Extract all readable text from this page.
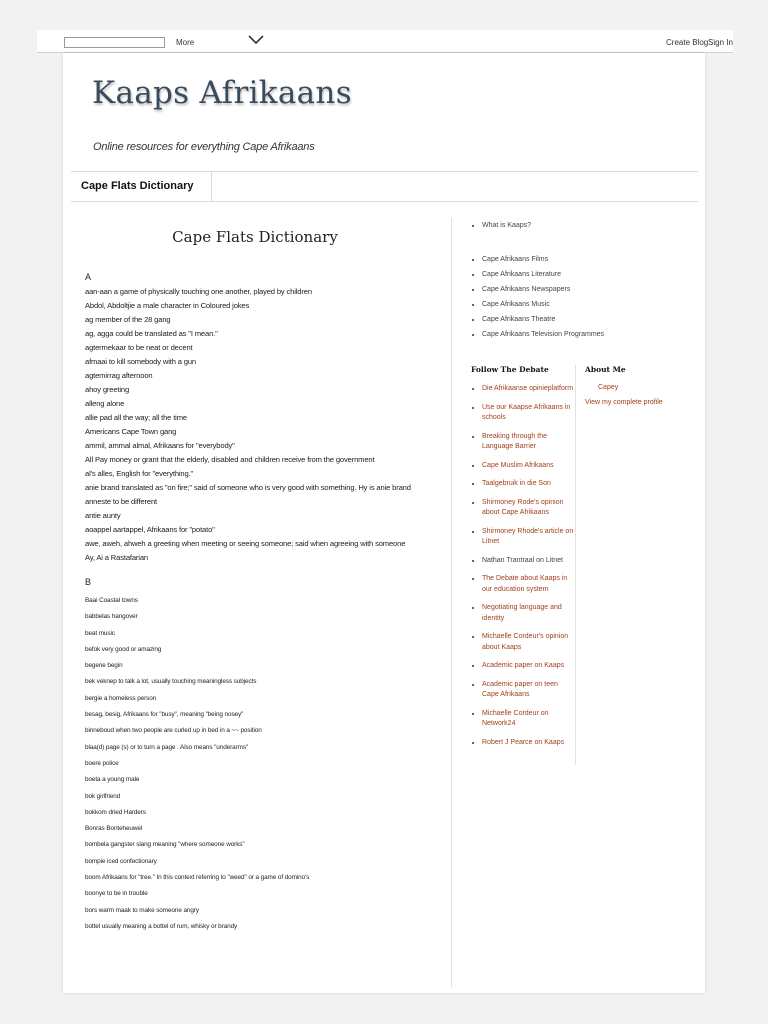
More	Create Blog Sign In
Kaaps Afrikaans
Online resources for everything Cape Afrikaans
Cape Flats Dictionary
Cape Flats Dictionary
A
aan-aan a game of physically touching one another, played by children
Abdol, Abdoltjie a male character in Coloured jokes
ag member of the 28 gang
ag, agga could be translated as "I mean."
agtermekaar to be neat or decent
afmaai to kill somebody with a gun
agtemirrag afternoon
ahoy greeting
alleng alone
allie pad all the way; all the time
Americans Cape Town gang
ammil, ammal almal, Afrikaans for "everybody"
All Pay money or grant that the elderly, disabled and children receive from the government
al's alles, English for "everything."
anie brand translated as "on fire;" said of someone who is very good with something. Hy is anie brand
anneste to be different
antie aunty
aoappel aartappel, Afrikaans for "potato"
awe, aweh, ahweh a greeting when meeting or seeing someone; said when agreeing with someone
Ay, Ai a Rastafarian
B
Baai Coastal towns
babbelas hangover
beat music
befok very good or amazing
begene begin
bek veknep to talk a lot, usually touching meaningless subjects
bergie a homeless person
besag, besig, Afrikaans for "busy", meaning "being nosey"
binneboud when two people are curled up in bed in a ~~ position
blaa(d) page (s) or to turn a page . Also means "underarms"
boere police
boeta a young male
bok girlfriend
bokkom dried Harders
Bonras Bonteheuwel
bombela gangster slang meaning "where someone works"
bompie iced confectionary
boom Afrikaans for "tree." In this context referring to "weed" or a game of domino's
boonye to be in trouble
bors warm maak to make someone angry
bottel usually meaning a bottel of rum, whisky or brandy
• What is Kaaps?
• Cape Afrikaans Films
• Cape Afrikaans Literature
• Cape Afrikaans Newspapers
• Cape Afrikaans Music
• Cape Afrikaans Theatre
• Cape Afrikaans Television Programmes
Follow The Debate
• Die Afrikaanse opinieplatform
• Use our Kaapse Afrikaans in schools
• Breaking through the Language Barrier
• Cape Muslim Afrikaans
• Taalgebruik in die Son
• Shirmoney Rode's opinion about Cape Afrikaans
• Shirmoney Rhode's article on Litnet
• Nathan Trantraal on Litnet
• The Debate about Kaaps in our education system
• Negotiating language and identity
• Michaelle Cordeur's opinion about Kaaps
• Academic paper on Kaaps
• Academic paper on teen Cape Afrikaans
• Michaelle Cordeur on Network24
• Robert J Pearce on Kaaps
About Me
Capey
View my complete profile
